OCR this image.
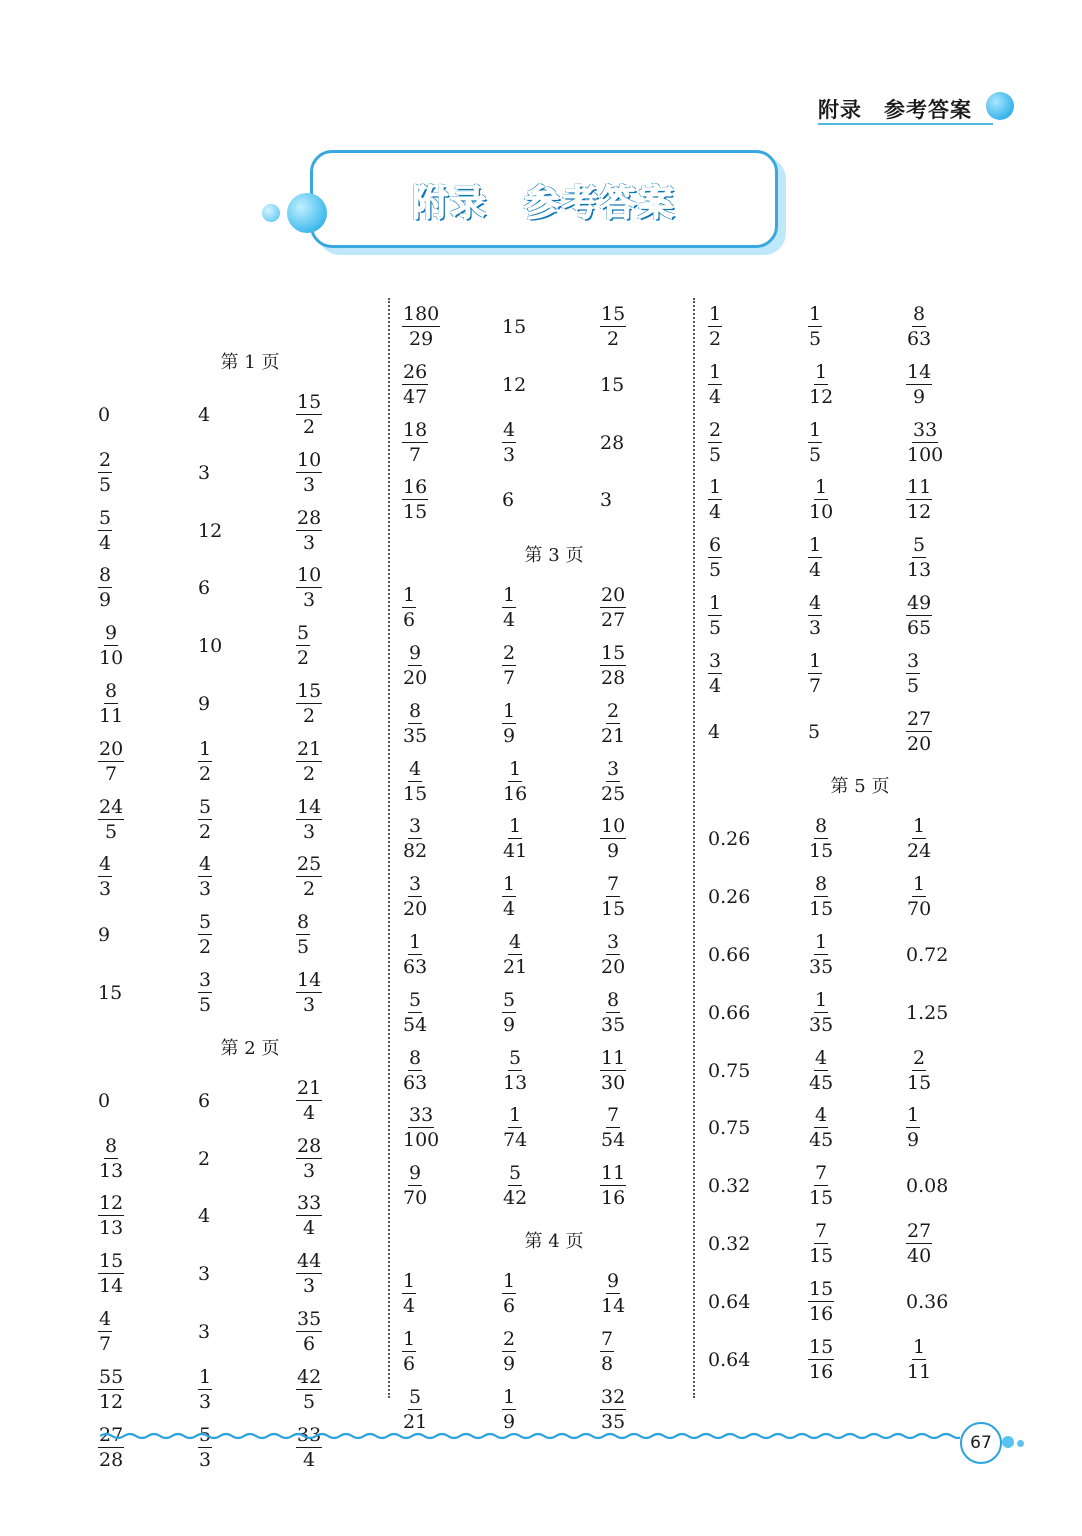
附录 参考答案
附录 参考答案
第 1 页
0	4	$\frac{15}{2}$
$\frac{2}{5}$	3	$\frac{10}{3}$
$\frac{5}{4}$	12	$\frac{28}{3}$
$\frac{8}{9}$	6	$\frac{10}{3}$
$\frac{9}{10}$	10	$\frac{5}{2}$
$\frac{8}{11}$	9	$\frac{15}{2}$
$\frac{20}{7}$	$\frac{1}{2}$	$\frac{21}{2}$
$\frac{24}{5}$	$\frac{5}{2}$	$\frac{14}{3}$
$\frac{4}{3}$	$\frac{4}{3}$	$\frac{25}{2}$
9	$\frac{5}{2}$	$\frac{8}{5}$
15	$\frac{3}{5}$	$\frac{14}{3}$
第 2 页
0	6	$\frac{21}{4}$
$\frac{8}{13}$	2	$\frac{28}{3}$
$\frac{12}{13}$	4	$\frac{33}{4}$
$\frac{15}{14}$	3	$\frac{44}{3}$
$\frac{4}{7}$	3	$\frac{35}{6}$
$\frac{55}{12}$	$\frac{1}{3}$	$\frac{42}{5}$
$\frac{27}{28}$	$\frac{5}{3}$	$\frac{33}{4}$
$\frac{180}{29}$	15	$\frac{15}{2}$
$\frac{26}{47}$	12	15
$\frac{18}{7}$	$\frac{4}{3}$	28
$\frac{16}{15}$	6	3
第 3 页
$\frac{1}{6}$	$\frac{1}{4}$	$\frac{20}{27}$
$\frac{9}{20}$	$\frac{2}{7}$	$\frac{15}{28}$
$\frac{8}{35}$	$\frac{1}{9}$	$\frac{2}{21}$
$\frac{4}{15}$	$\frac{1}{16}$	$\frac{3}{25}$
$\frac{3}{82}$	$\frac{1}{41}$	$\frac{10}{9}$
$\frac{3}{20}$	$\frac{1}{4}$	$\frac{7}{15}$
$\frac{1}{63}$	$\frac{4}{21}$	$\frac{3}{20}$
$\frac{5}{54}$	$\frac{5}{9}$	$\frac{8}{35}$
$\frac{8}{63}$	$\frac{5}{13}$	$\frac{11}{30}$
$\frac{33}{100}$	$\frac{1}{74}$	$\frac{7}{54}$
$\frac{9}{70}$	$\frac{5}{42}$	$\frac{11}{16}$
第 4 页
$\frac{1}{4}$	$\frac{1}{6}$	$\frac{9}{14}$
$\frac{1}{6}$	$\frac{2}{9}$	$\frac{7}{8}$
$\frac{5}{21}$	$\frac{1}{9}$	$\frac{32}{35}$
$\frac{1}{2}$	$\frac{1}{5}$	$\frac{8}{63}$
$\frac{1}{4}$	$\frac{1}{12}$	$\frac{14}{9}$
$\frac{2}{5}$	$\frac{1}{5}$	$\frac{33}{100}$
$\frac{1}{4}$	$\frac{1}{10}$	$\frac{11}{12}$
$\frac{6}{5}$	$\frac{1}{4}$	$\frac{5}{13}$
$\frac{1}{5}$	$\frac{4}{3}$	$\frac{49}{65}$
$\frac{3}{4}$	$\frac{1}{7}$	$\frac{3}{5}$
4	5	$\frac{27}{20}$
第 5 页
0.26	$\frac{8}{15}$	$\frac{1}{24}$
0.26	$\frac{8}{15}$	$\frac{1}{70}$
0.66	$\frac{1}{35}$	0.72
0.66	$\frac{1}{35}$	1.25
0.75	$\frac{4}{45}$	$\frac{2}{15}$
0.75	$\frac{4}{45}$	$\frac{1}{9}$
0.32	$\frac{7}{15}$	0.08
0.32	$\frac{7}{15}$	$\frac{27}{40}$
0.64	$\frac{15}{16}$	0.36
0.64	$\frac{15}{16}$	$\frac{1}{11}$
67
